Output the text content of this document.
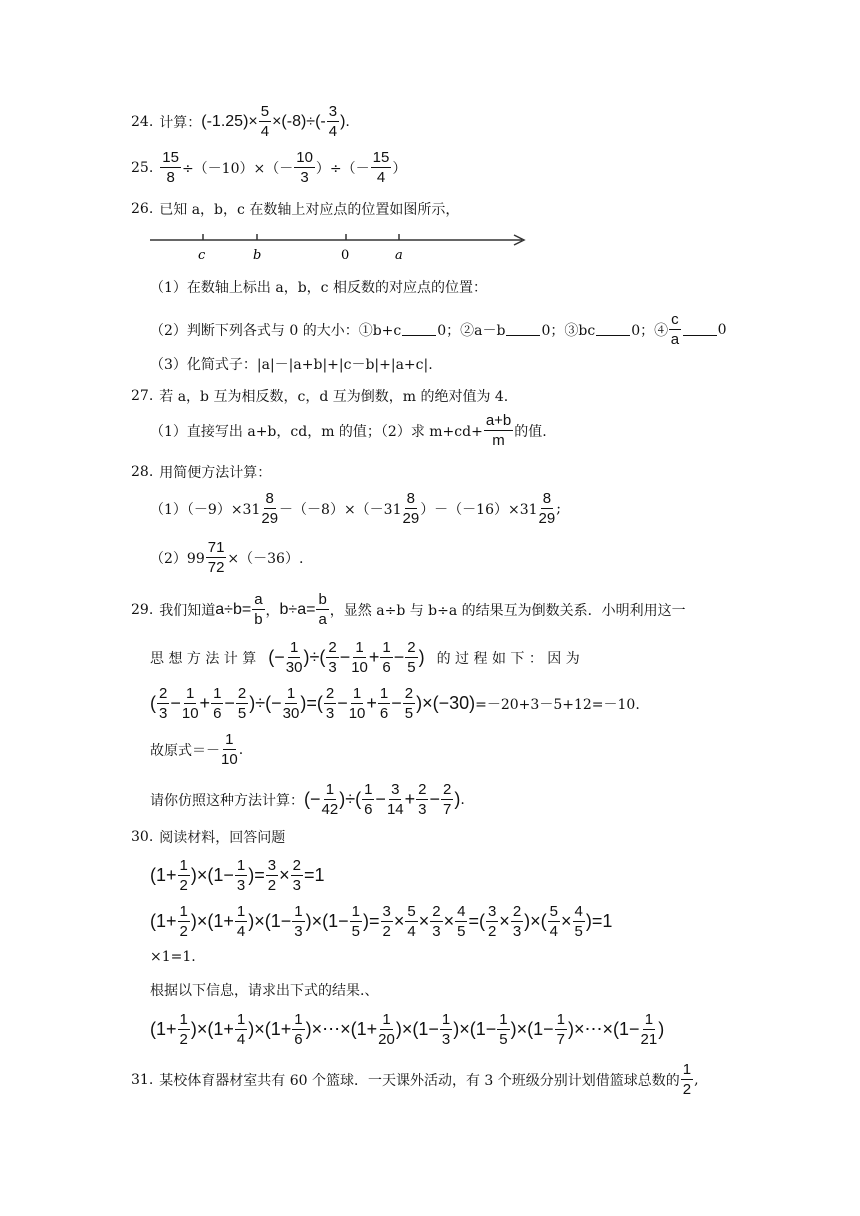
24. 计算： $(-1.25)\times \frac{5}{4} \times(-8)\div(- \frac{3}{4}$ ).
25. $\frac{15}{8} \div(-10)\times(- \frac{10}{3}$ ）÷（－ $\frac{15}{4}$ ）
26. 已知 a，b，c 在数轴上对应点的位置如图所示，
c	b	0	a
（1）在数轴上标出 a，b，c 相反数的对应点的位置：
（2）判断下列各式与 0 的大小：①b+c	0；②a－b	0；③bc	0；④ $\frac{c}{a}$	0
（3）化简式子：|a|－|a+b|+|c－b|+|a+c|.
27. 若 a，b 互为相反数，c，d 互为倒数，m 的绝对值为 4.
（1）直接写出 a+b，cd，m 的值；（2）求 $m+cd+ \frac{a+b}{m}$ 的值.
28. 用简便方法计算：
$(1)(-9)\times 31 \frac{8}{29} -(-8)\times(-31 \frac{8}{29} )-(-16)\times 31 \frac{8}{29}$ ;
$(2)99 \frac{71}{72} \times(-36)$.
29. 我们知道 $a\div b= \frac{a}{b}$ ， $b\div a= \frac{b}{a}$ ，显然 a÷b 与 b÷a 的结果互为倒数关系．小明利用这一
思 想 方 法 计 算 (− $\frac{1}{30}$ )÷( $\frac{2}{3} - \frac{1}{10} + \frac{1}{6} - \frac{2}{5}$ ) 的 过 程 如 下 ： 因 为
( $\frac{2}{3} - \frac{1}{10} + \frac{1}{6} - \frac{2}{5}$ )÷(− $\frac{1}{30}$ )=( $\frac{2}{3} - \frac{1}{10} + \frac{1}{6} - \frac{2}{5} )\times(-30) =-20+3-5+12=-10$.
故原式＝－ $\frac{1}{10}$ .
请你仿照这种方法计算： (− $\frac{1}{42}$ )÷( $\frac{1}{6} - \frac{3}{14} + \frac{2}{3} - \frac{2}{7}$ ) .
30. 阅读材料，回答问题
$(1+ \frac{1}{2} )\times(1- \frac{1}{3}$ )= $\frac{3}{2} \times \frac{2}{3} =1$
$(1+ \frac{1}{2} )\times(1+ \frac{1}{4} )\times(1- \frac{1}{3} )\times(1- \frac{1}{5}$ )= $\frac{3}{2} \times \frac{5}{4} \times \frac{2}{3} \times \frac{4}{5}$ =( $\frac{3}{2} \times \frac{2}{3}$ )×( $\frac{5}{4} \times \frac{4}{5} )=1$
×1=1.
根据以下信息，请求出下式的结果.、
$(1+ \frac{1}{2} )\times(1+ \frac{1}{4} )\times(1+ \frac{1}{6}$ )×⋯×(1+ $\frac{1}{20} )\times(1- \frac{1}{3} )\times(1- \frac{1}{5} )\times(1- \frac{1}{7}$ )×⋯×(1− $\frac{1}{21}$ )
31. 某校体育器材室共有 60 个篮球．一天课外活动，有 3 个班级分别计划借篮球总数的 $\frac{1}{2}$ ,
